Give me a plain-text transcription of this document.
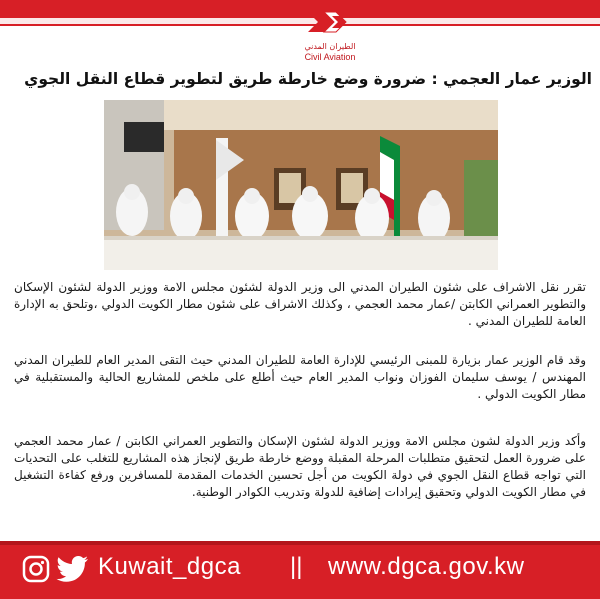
الطيران المدني
Civil Aviation
الوزير عمار العجمي : ضرورة وضع خارطة طريق لتطوير قطاع النقل الجوي
تقرر نقل الاشراف على شئون الطيران المدني الى وزير الدولة لشئون مجلس الامة ووزير الدولة لشئون الإسكان والتطوير العمراني الكابتن /عمار محمد العجمي ، وكذلك الاشراف على شئون مطار الكويت الدولي ،وتلحق به الإدارة العامة للطيران المدني .
وقد قام الوزير عمار بزيارة للمبنى الرئيسي للإدارة العامة للطيران المدني حيث التقى المدير العام للطيران المدني المهندس / يوسف سليمان الفوزان ونواب المدير العام حيث أطلع على ملخص للمشاريع الحالية والمستقبلية في مطار الكويت الدولي .
وأكد وزير الدولة لشون مجلس الامة ووزير الدولة لشئون الإسكان والتطوير العمراني الكابتن / عمار محمد العجمي على ضرورة العمل لتحقيق متطلبات المرحلة المقبلة ووضع خارطة طريق لإنجاز هذه المشاريع للتغلب على التحديات التي تواجه قطاع النقل الجوي في دولة الكويت من أجل تحسين الخدمات المقدمة للمسافرين ورفع كفاءة التشغيل في مطار الكويت الدولي وتحقيق إيرادات إضافية للدولة وتدريب الكوادر الوطنية.
Kuwait_dgca || www.dgca.gov.kw
